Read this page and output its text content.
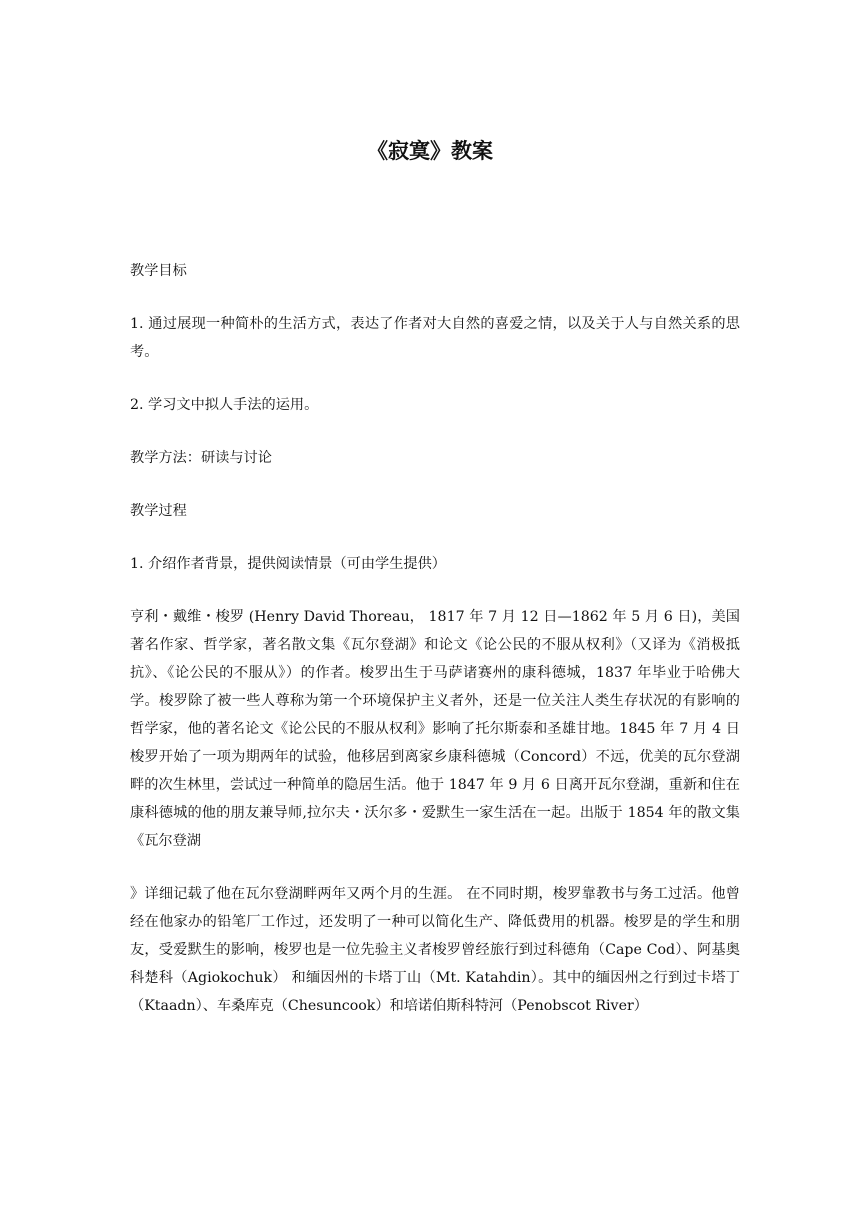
《寂寞》教案

教学目标

1. 通过展现一种简朴的生活方式，表达了作者对大自然的喜爱之情，以及关于人与自然关系的思考。

2. 学习文中拟人手法的运用。

教学方法：研读与讨论

教学过程

1. 介绍作者背景，提供阅读情景（可由学生提供）

亨利・戴维・梭罗 (Henry David Thoreau， 1817 年 7 月 12 日—1862 年 5 月 6 日)，美国著名作家、哲学家，著名散文集《瓦尔登湖》和论文《论公民的不服从权利》（又译为《消极抵抗》、《论公民的不服从》）的作者。梭罗出生于马萨诸赛州的康科德城，1837 年毕业于哈佛大学。梭罗除了被一些人尊称为第一个环境保护主义者外，还是一位关注人类生存状况的有影响的哲学家，他的著名论文《论公民的不服从权利》影响了托尔斯泰和圣雄甘地。1845 年 7 月 4 日梭罗开始了一项为期两年的试验，他移居到离家乡康科德城（Concord）不远，优美的瓦尔登湖畔的次生林里，尝试过一种简单的隐居生活。他于 1847 年 9 月 6 日离开瓦尔登湖，重新和住在康科德城的他的朋友兼导师,拉尔夫・沃尔多・爱默生一家生活在一起。出版于 1854 年的散文集《瓦尔登湖

》详细记载了他在瓦尔登湖畔两年又两个月的生涯。 在不同时期，梭罗靠教书与务工过活。他曾经在他家办的铅笔厂工作过，还发明了一种可以简化生产、降低费用的机器。梭罗是的学生和朋友，受爱默生的影响，梭罗也是一位先验主义者梭罗曾经旅行到过科德角（Cape Cod）、阿基奥科楚科（Agiokochuk） 和缅因州的卡塔丁山（Mt. Katahdin）。其中的缅因州之行到过卡塔丁（Ktaadn）、车桑库克（Chesuncook）和培诺伯斯科特河（Penobscot River）
